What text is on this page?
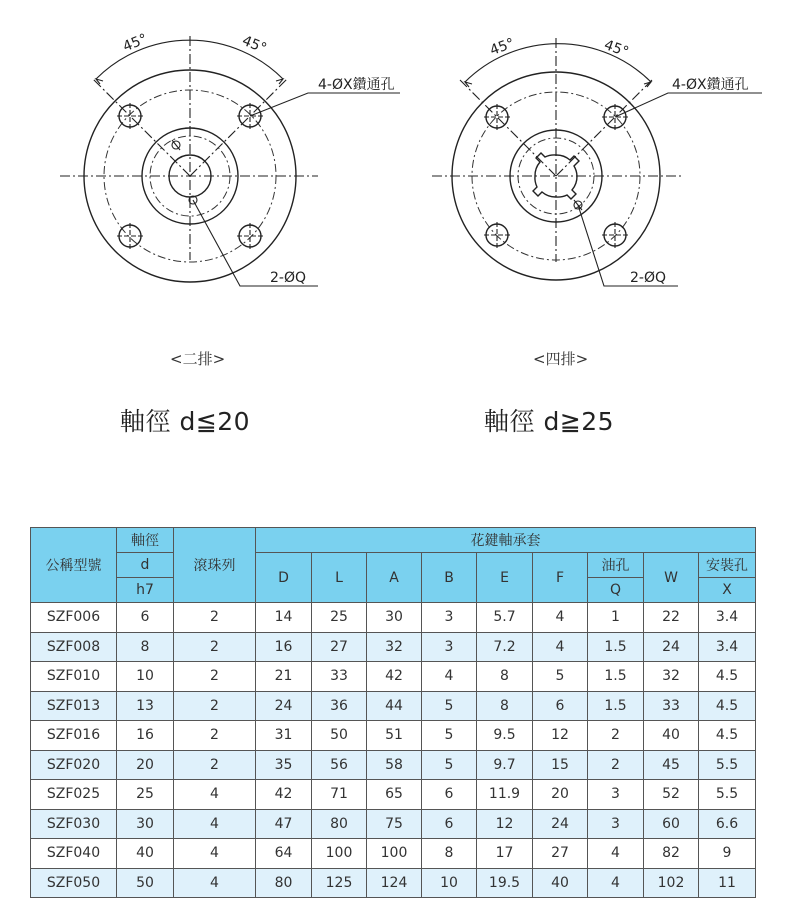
45°	45°
4-ØX鑽通孔
2-ØQ
45°	45°
4-ØX鑽通孔
2-ØQ
<二排>	<四排>
軸徑 d≦20	軸徑 d≧25
公稱型號	軸徑	滾珠列	花鍵軸承套								
	d		D	L	A	B	E	F	油孔	W	安裝孔
	h7								Q		X
SZF006	6	2	14	25	30	3	5.7	4	1	22	3.4
SZF008	8	2	16	27	32	3	7.2	4	1.5	24	3.4
SZF010	10	2	21	33	42	4	8	5	1.5	32	4.5
SZF013	13	2	24	36	44	5	8	6	1.5	33	4.5
SZF016	16	2	31	50	51	5	9.5	12	2	40	4.5
SZF020	20	2	35	56	58	5	9.7	15	2	45	5.5
SZF025	25	4	42	71	65	6	11.9	20	3	52	5.5
SZF030	30	4	47	80	75	6	12	24	3	60	6.6
SZF040	40	4	64	100	100	8	17	27	4	82	9
SZF050	50	4	80	125	124	10	19.5	40	4	102	11
